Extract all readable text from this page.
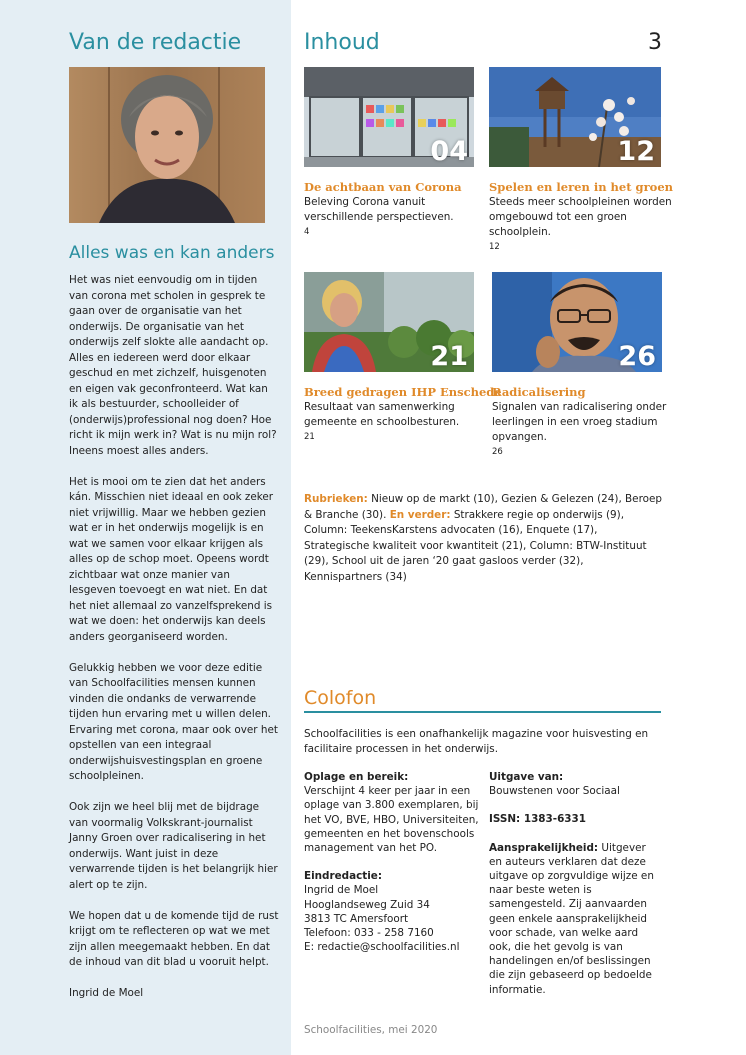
Van de redactie
Alles was en kan anders

Het was niet eenvoudig om in tijden van corona met scholen in gesprek te gaan over de organisatie van het onderwijs. De organisatie van het onderwijs zelf slokte alle aandacht op. Alles en iedereen werd door elkaar geschud en met zichzelf, huisgenoten en eigen vak geconfronteerd. Wat kan ik als bestuurder, schoolleider of (onderwijs)professional nog doen? Hoe richt ik mijn werk in? Wat is nu mijn rol? Ineens moest alles anders.

Het is mooi om te zien dat het anders kán. Misschien niet ideaal en ook zeker niet vrijwillig. Maar we hebben gezien wat er in het onderwijs mogelijk is en wat we samen voor elkaar krijgen als alles op de schop moet. Opeens wordt zichtbaar wat onze manier van lesgeven toevoegt en wat niet. En dat het niet allemaal zo vanzelfsprekend is wat we doen: het onderwijs kan deels anders georganiseerd worden.

Gelukkig hebben we voor deze editie van Schoolfacilities mensen kunnen vinden die ondanks de verwarrende tijden hun ervaring met u willen delen. Ervaring met corona, maar ook over het opstellen van een integraal onderwijshuisvestingsplan en groene schoolpleinen.

Ook zijn we heel blij met de bijdrage van voormalig Volkskrant-journalist Janny Groen over radicalisering in het onderwijs. Want juist in deze verwarrende tijden is het belangrijk hier alert op te zijn.

We hopen dat u de komende tijd de rust krijgt om te reflecteren op wat we met zijn allen meegemaakt hebben. En dat de inhoud van dit blad u vooruit helpt.

Ingrid de Moel

Inhoud	3
04
De achtbaan van Corona
Beleving Corona vanuit verschillende perspectieven.
4
12
Spelen en leren in het groen
Steeds meer schoolpleinen worden omgebouwd tot een groen schoolplein.
12
21
Breed gedragen IHP Enschede
Resultaat van samenwerking gemeente en schoolbesturen.
21
26
Radicalisering
Signalen van radicalisering onder leerlingen in een vroeg stadium opvangen.
26
Rubrieken: Nieuw op de markt (10), Gezien & Gelezen (24), Beroep & Branche (30). En verder: Strakkere regie op onderwijs (9), Column: TeekensKarstens advocaten (16), Enquete (17), Strategische kwaliteit voor kwantiteit (21), Column: BTW-Instituut (29), School uit de jaren ‘20 gaat gasloos verder (32), Kennispartners (34)
Colofon
Schoolfacilities is een onafhankelijk magazine voor huisvesting en facilitaire processen in het onderwijs.
Oplage en bereik:
Verschijnt 4 keer per jaar in een oplage van 3.800 exemplaren, bij het VO, BVE, HBO, Universiteiten, gemeenten en het bovenschools management van het PO.
Eindredactie:
Ingrid de Moel
Hooglandseweg Zuid 34
3813 TC Amersfoort
Telefoon: 033 - 258 7160
E: redactie@schoolfacilities.nl
Uitgave van:
Bouwstenen voor Sociaal
ISSN: 1383-6331
Aansprakelijkheid: Uitgever en auteurs verklaren dat deze uitgave op zorgvuldige wijze en naar beste weten is samengesteld. Zij aanvaarden geen enkele aansprakelijkheid voor schade, van welke aard ook, die het gevolg is van handelingen en/of beslissingen die zijn gebaseerd op bedoelde informatie.
Schoolfacilities, mei 2020
